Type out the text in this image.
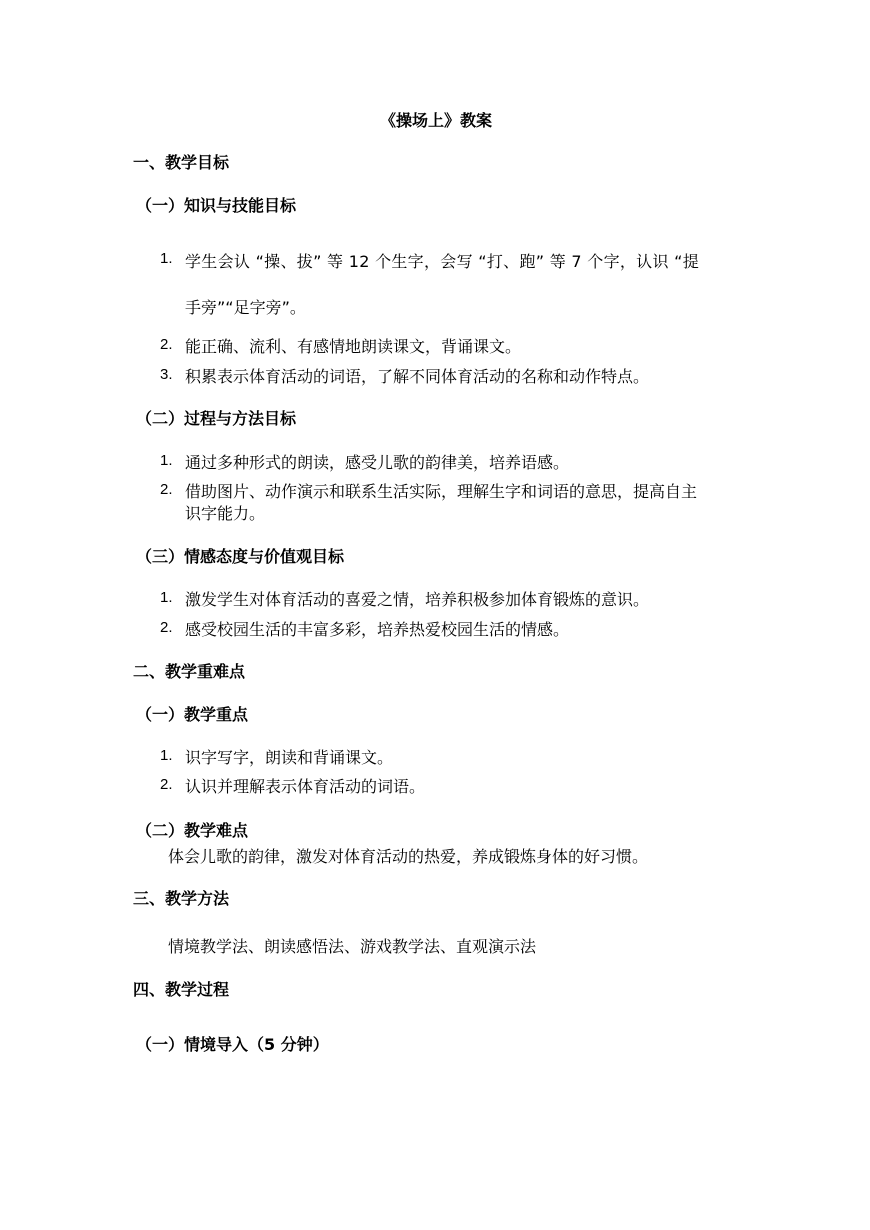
《操场上》教案
一、教学目标
（一）知识与技能目标
1. 学生会认 “操、拔” 等 12 个生字，会写 “打、跑” 等 7 个字，认识 “提
手旁”“足字旁”。
2. 能正确、流利、有感情地朗读课文，背诵课文。
3. 积累表示体育活动的词语，了解不同体育活动的名称和动作特点。
（二）过程与方法目标
1. 通过多种形式的朗读，感受儿歌的韵律美，培养语感。
2. 借助图片、动作演示和联系生活实际，理解生字和词语的意思，提高自主
识字能力。
（三）情感态度与价值观目标
1. 激发学生对体育活动的喜爱之情，培养积极参加体育锻炼的意识。
2. 感受校园生活的丰富多彩，培养热爱校园生活的情感。
二、教学重难点
（一）教学重点
1. 识字写字，朗读和背诵课文。
2. 认识并理解表示体育活动的词语。
（二）教学难点
体会儿歌的韵律，激发对体育活动的热爱，养成锻炼身体的好习惯。
三、教学方法
情境教学法、朗读感悟法、游戏教学法、直观演示法
四、教学过程
（一）情境导入（5 分钟）
